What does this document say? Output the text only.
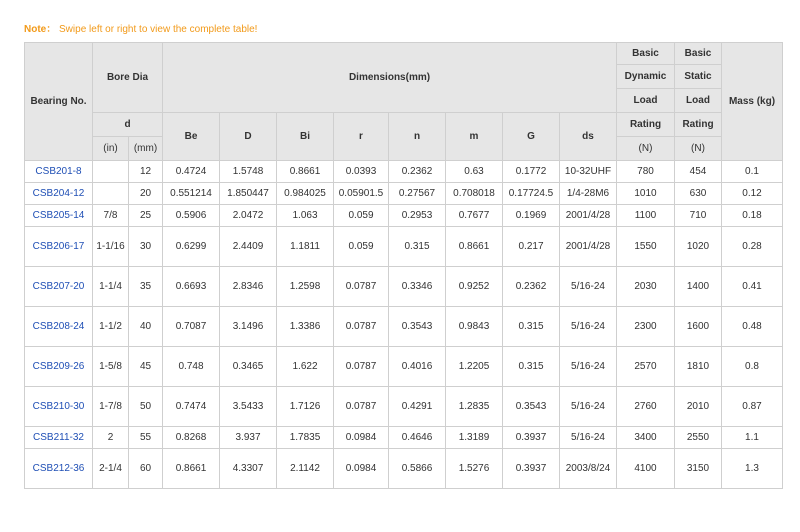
Note： Swipe left or right to view the complete table!
Bearing No.	Bore Dia		Dimensions(mm)								Basic	Basic	Mass (kg)
											Dynamic	Static	
											Load	Load	
	d		Be	D	Bi	r	n	m	G	ds	Rating	Rating	
	(in)	(mm)									(N)	(N)	
CSB201-8		12	0.4724	1.5748	0.8661	0.0393	0.2362	0.63	0.1772	10-32UHF	780	454	0.1
CSB204-12		20	0.551214	1.850447	0.984025	0.05901.5	0.27567	0.708018	0.17724.5	1/4-28M6	1010	630	0.12
CSB205-14	7/8	25	0.5906	2.0472	1.063	0.059	0.2953	0.7677	0.1969	2001/4/28	1100	710	0.18
CSB206-17	1-1/16	30	0.6299	2.4409	1.1811	0.059	0.315	0.8661	0.217	2001/4/28	1550	1020	0.28
CSB207-20	1-1/4	35	0.6693	2.8346	1.2598	0.0787	0.3346	0.9252	0.2362	5/16-24	2030	1400	0.41
CSB208-24	1-1/2	40	0.7087	3.1496	1.3386	0.0787	0.3543	0.9843	0.315	5/16-24	2300	1600	0.48
CSB209-26	1-5/8	45	0.748	0.3465	1.622	0.0787	0.4016	1.2205	0.315	5/16-24	2570	1810	0.8
CSB210-30	1-7/8	50	0.7474	3.5433	1.7126	0.0787	0.4291	1.2835	0.3543	5/16-24	2760	2010	0.87
CSB211-32	2	55	0.8268	3.937	1.7835	0.0984	0.4646	1.3189	0.3937	5/16-24	3400	2550	1.1
CSB212-36	2-1/4	60	0.8661	4.3307	2.1142	0.0984	0.5866	1.5276	0.3937	2003/8/24	4100	3150	1.3
